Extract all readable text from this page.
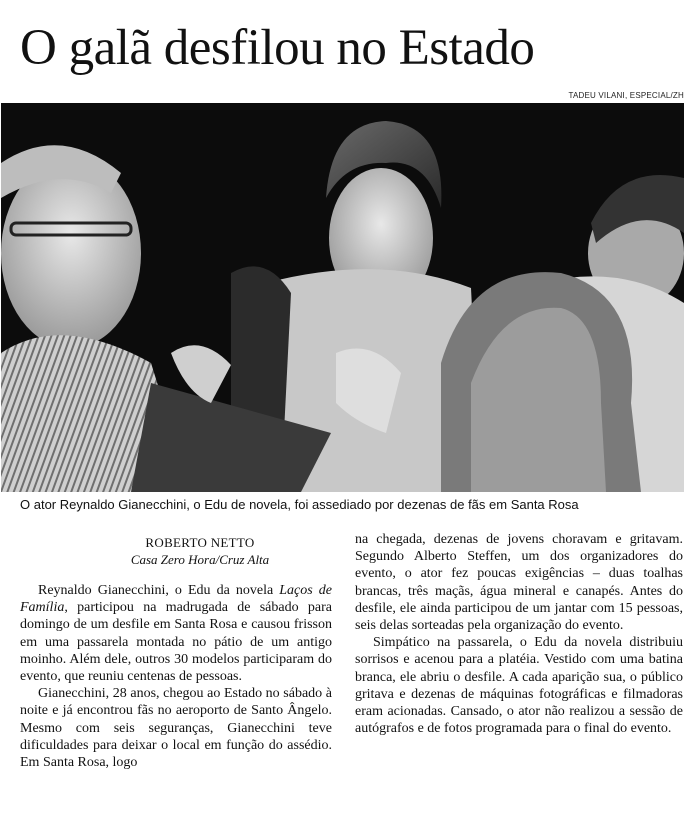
O galã desfilou no Estado
TADEU VILANI, ESPECIAL/ZH
O ator Reynaldo Gianecchini, o Edu de novela, foi assediado por dezenas de fãs em Santa Rosa
ROBERTO NETTO
Casa Zero Hora/Cruz Alta

Reynaldo Gianecchini, o Edu da novela Laços de Família, participou na madrugada de sábado para domingo de um desfile em Santa Rosa e causou frisson em uma passarela montada no pátio de um antigo moinho. Além dele, outros 30 modelos participaram do evento, que reuniu centenas de pessoas.

Gianecchini, 28 anos, chegou ao Estado no sábado à noite e já encontrou fãs no aeroporto de Santo Ângelo. Mesmo com seis seguranças, Gianecchini teve dificuldades para deixar o local em função do assédio. Em Santa Rosa, logo

na chegada, dezenas de jovens choravam e gritavam. Segundo Alberto Steffen, um dos organizadores do evento, o ator fez poucas exigências – duas toalhas brancas, três maçãs, água mineral e canapés. Antes do desfile, ele ainda participou de um jantar com 15 pessoas, seis delas sorteadas pela organização do evento.

Simpático na passarela, o Edu da novela distribuiu sorrisos e acenou para a platéia. Vestido com uma batina branca, ele abriu o desfile. A cada aparição sua, o público gritava e dezenas de máquinas fotográficas e filmadoras eram acionadas. Cansado, o ator não realizou a sessão de autógrafos e de fotos programada para o final do evento.
